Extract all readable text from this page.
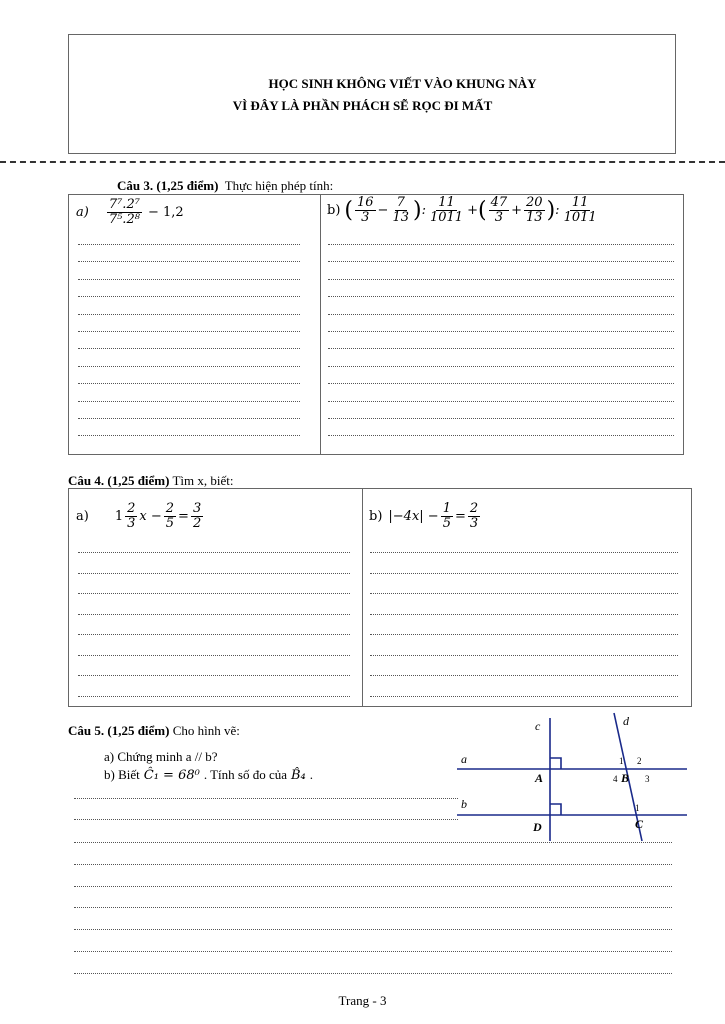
HỌC SINH KHÔNG VIẾT VÀO KHUNG NÀY
VÌ ĐÂY LÀ PHẦN PHÁCH SẼ RỌC ĐI MẤT
Câu 3. (1,25 điểm) Thực hiện phép tính:
$a) \frac{\text{7⁷.2⁷}}{\text{7⁵.2⁸}} - 1,2$	b) ( $\frac{16}{3} - \frac{7}{13}$ ) : $\frac{11}{1011}$ + ( $\frac{47}{3} + \frac{20}{13}$ ) : $\frac{11}{1011}$
Câu 4. (1,25 điểm) Tìm x, biết:
a) $1 \frac{2}{3}$ $x - \frac{2}{5} = \frac{3}{2}$	b) $|-4x| - \frac{1}{5} = \frac{2}{3}$
Câu 5. (1,25 điểm) Cho hình vẽ:
a) Chứng minh a // b?
b) Biết Ĉ₁ = 68⁰ . Tính số đo của B̂₄ .
c	d
a
b
A	B
C
D
1 2
3
4
1
Trang - 3
